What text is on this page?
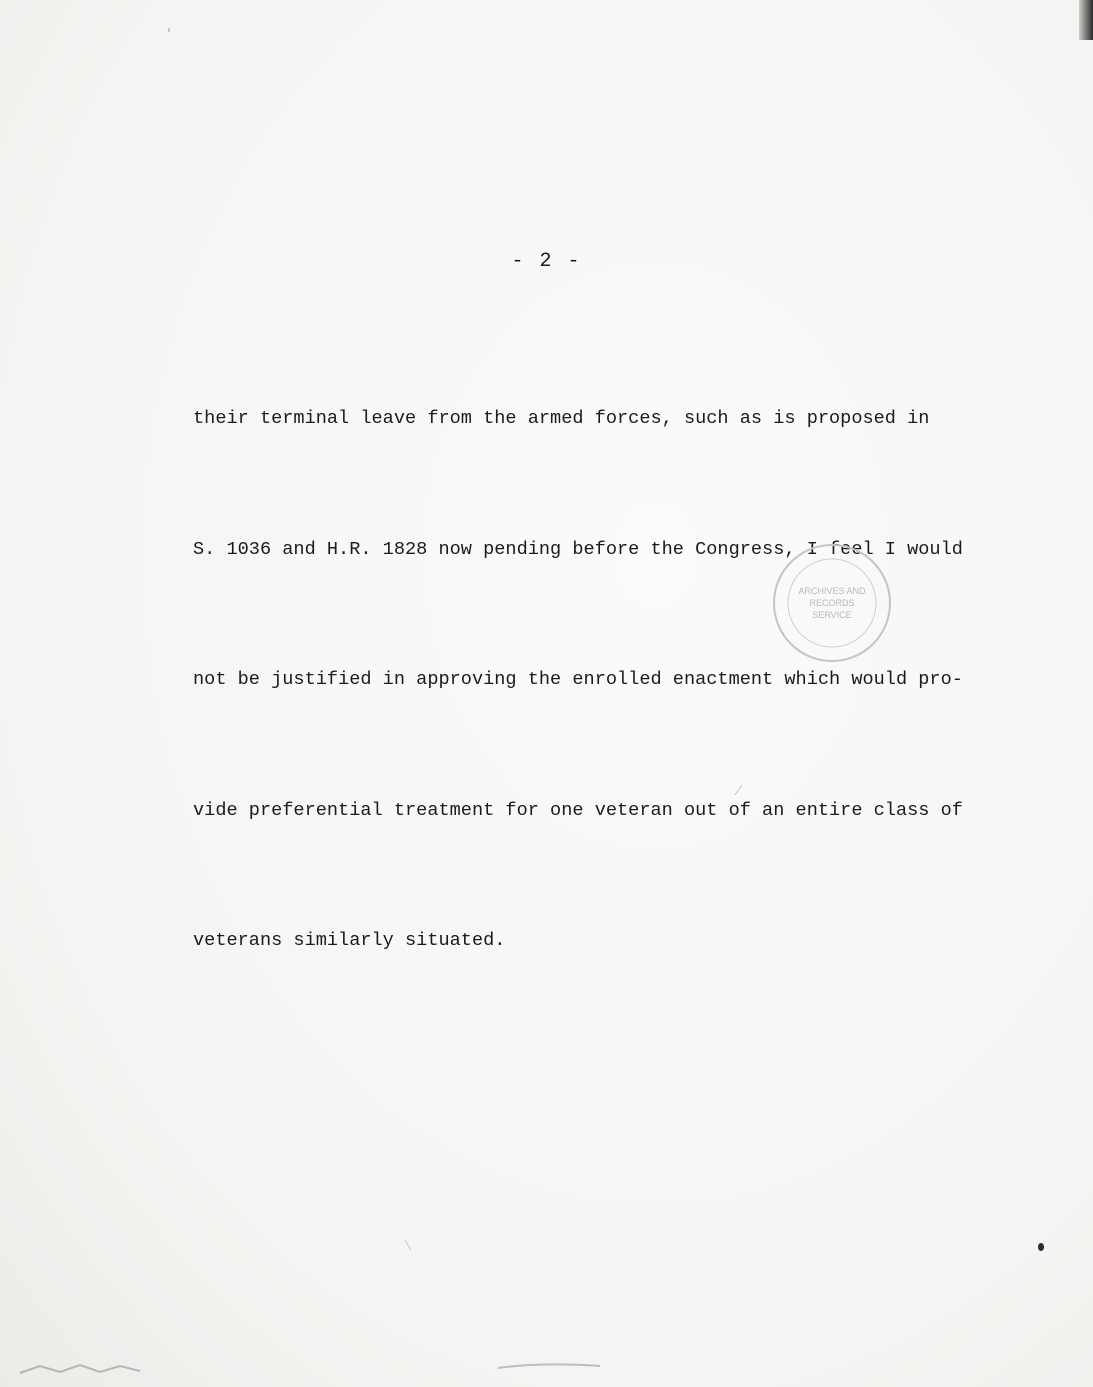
- 2 -

their terminal leave from the armed forces, such as is proposed in

S. 1036 and H.R. 1828 now pending before the Congress, I feel I would

not be justified in approving the enrolled enactment which would pro-

vide preferential treatment for one veteran out of an entire class of

veterans similarly situated.

ARCHIVES AND
RECORDS
SERVICE
